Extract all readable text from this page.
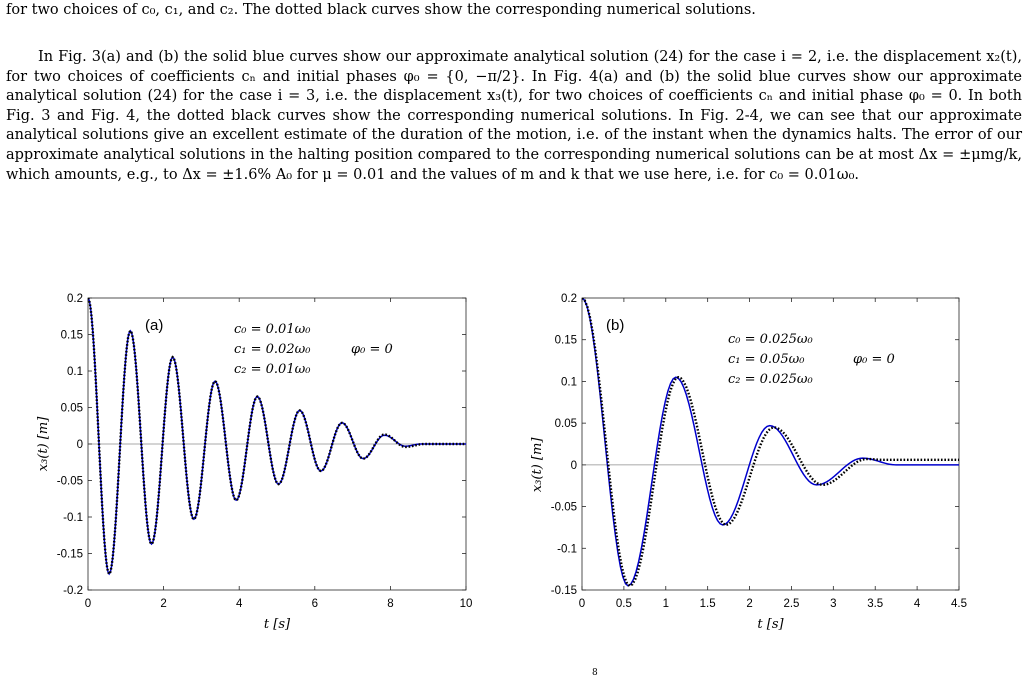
for two choices of c₀, c₁, and c₂. The dotted black curves show the corresponding numerical solutions.

In Fig. 3(a) and (b) the solid blue curves show our approximate analytical solution (24) for the case i = 2, i.e. the displacement x₂(t), for two choices of coefficients cₙ and initial phases φ₀ = {0, −π/2}. In Fig. 4(a) and (b) the solid blue curves show our approximate analytical solution (24) for the case i = 3, i.e. the displacement x₃(t), for two choices of coefficients cₙ and initial phase φ₀ = 0. In both Fig. 3 and Fig. 4, the dotted black curves show the corresponding numerical solutions. In Fig. 2-4, we can see that our approximate analytical solutions give an excellent estimate of the duration of the motion, i.e. of the instant when the dynamics halts. The error of our approximate analytical solutions in the halting position compared to the corresponding numerical solutions can be at most Δx = ±μmg/k, which amounts, e.g., to Δx = ±1.6% A₀ for μ = 0.01 and the values of m and k that we use here, i.e. for c₀ = 0.01ω₀.

0	2	4	6	8	10
0.2
0.15
0.1
0.05
0
-0.05
-0.1
-0.15
-0.2
(a)	c₀ = 0.01ω₀
c₁ = 0.02ω₀
c₂ = 0.01ω₀
φ₀ = 0
t [s]
x₃(t) [m]
0	0.5	1	1.5	2	2.5	3	3.5	4	4.5
0.2
0.15
0.1
0.05
0
-0.05
-0.1
-0.15
(b)
c₀ = 0.025ω₀
c₁ = 0.05ω₀
c₂ = 0.025ω₀
φ₀ = 0
t [s]
x₃(t) [m]
8
